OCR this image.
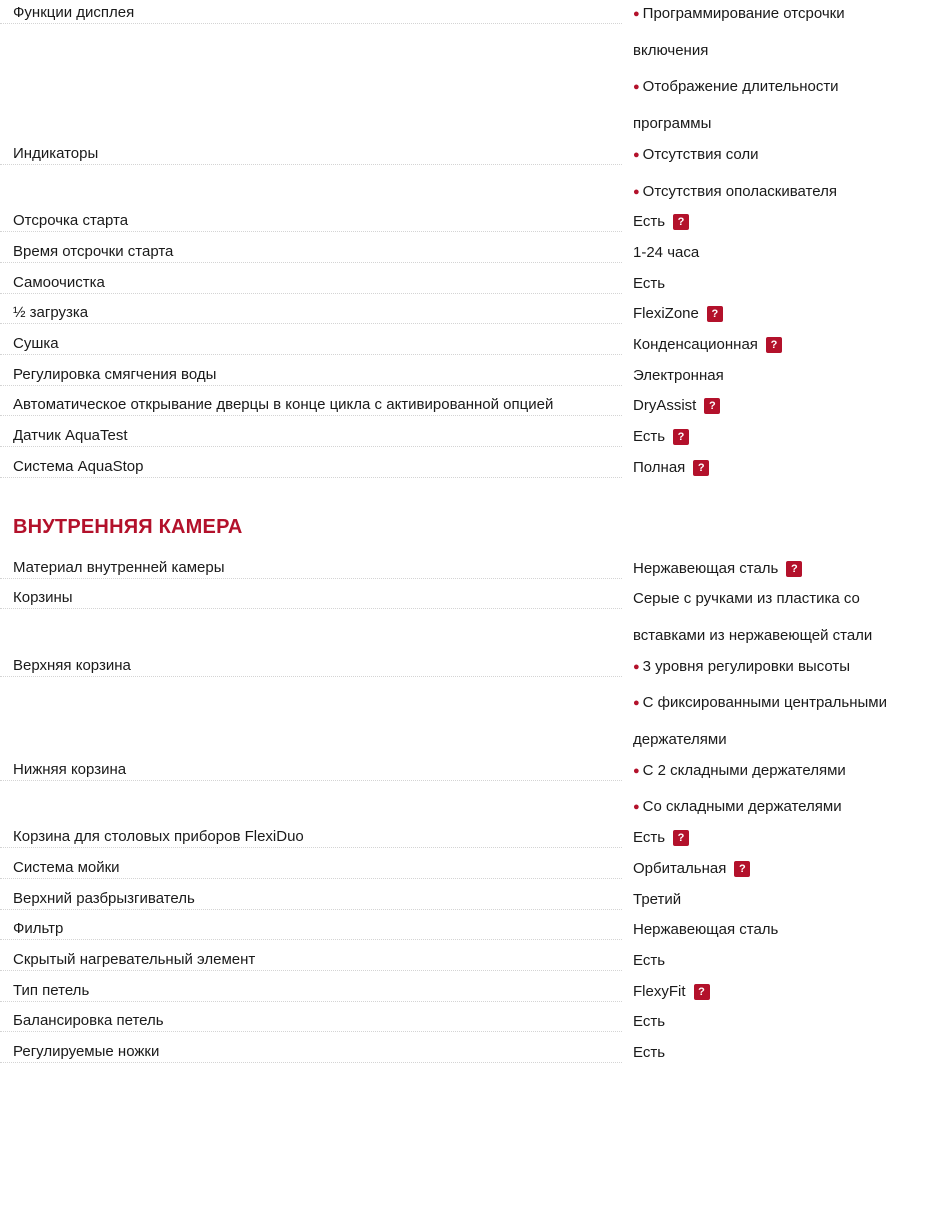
Функции дисплея	● Программирование отсрочки
включения
● Отображение длительности
программы
Индикаторы	● Отсутствия соли
● Отсутствия ополаскивателя
Отсрочка старта	Есть ?
Время отсрочки старта	1-24 часа
Самоочистка	Есть
½ загрузка	FlexiZone ?
Сушка	Конденсационная ?
Регулировка смягчения воды	Электронная
Автоматическое открывание дверцы в конце цикла с активированной опцией	DryAssist ?
Датчик AquaTest	Есть ?
Система AquaStop	Полная ?
ВНУТРЕННЯЯ КАМЕРА
Материал внутренней камеры	Нержавеющая сталь ?
Корзины	Серые с ручками из пластика со
вставками из нержавеющей стали
Верхняя корзина	● 3 уровня регулировки высоты
● С фиксированными центральными
держателями
Нижняя корзина	● С 2 складными держателями
● Со складными держателями
Корзина для столовых приборов FlexiDuo	Есть ?
Система мойки	Орбитальная ?
Верхний разбрызгиватель	Третий
Фильтр	Нержавеющая сталь
Скрытый нагревательный элемент	Есть
Тип петель	FlexyFit ?
Балансировка петель	Есть
Регулируемые ножки	Есть
